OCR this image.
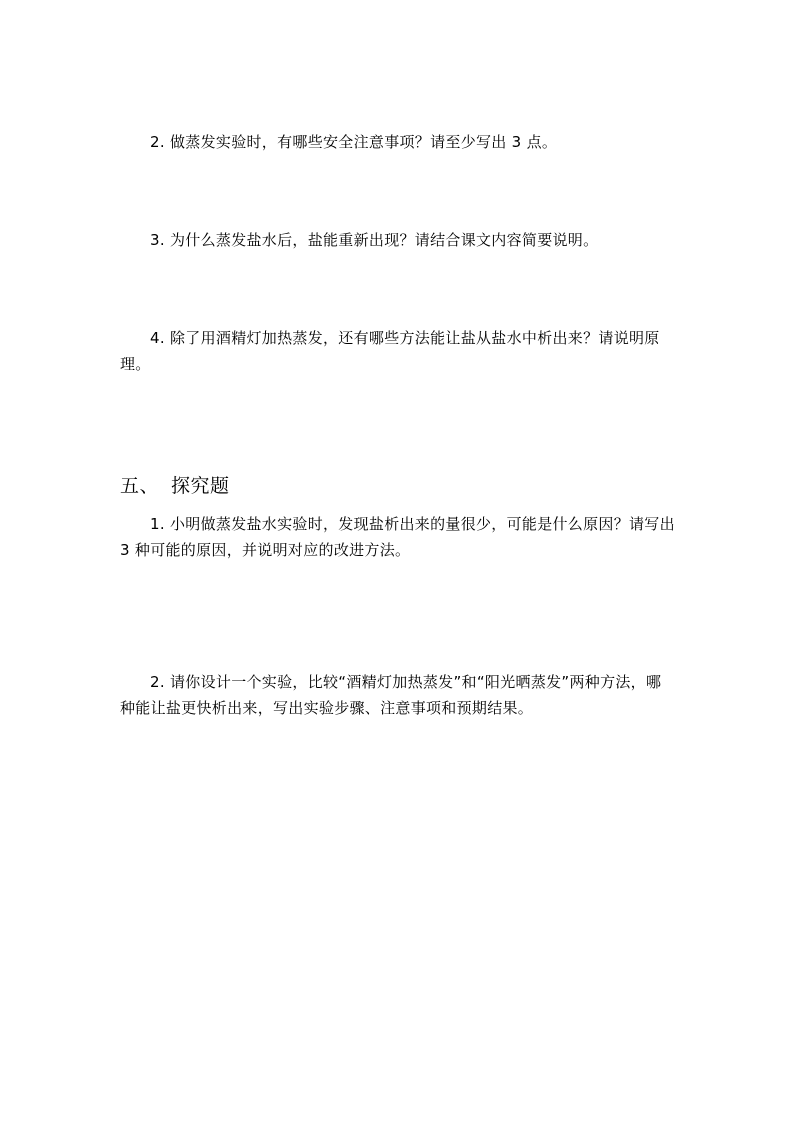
2. 做蒸发实验时，有哪些安全注意事项？请至少写出 3 点。

3. 为什么蒸发盐水后，盐能重新出现？请结合课文内容简要说明。

4. 除了用酒精灯加热蒸发，还有哪些方法能让盐从盐水中析出来？请说明原理。

五、 探究题

1. 小明做蒸发盐水实验时，发现盐析出来的量很少，可能是什么原因？请写出 3 种可能的原因，并说明对应的改进方法。

2. 请你设计一个实验，比较“酒精灯加热蒸发”和“阳光晒蒸发”两种方法，哪种能让盐更快析出来，写出实验步骤、注意事项和预期结果。
